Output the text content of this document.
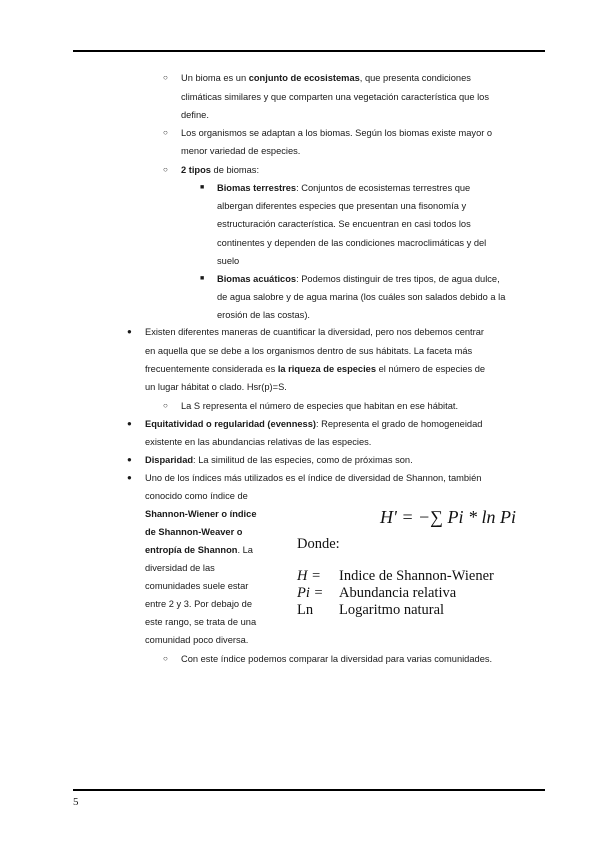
○ Un bioma es un conjunto de ecosistemas, que presenta condiciones
climáticas similares y que comparten una vegetación característica que los
define.
○ Los organismos se adaptan a los biomas. Según los biomas existe mayor o
menor variedad de especies.
○ 2 tipos de biomas:
■ Biomas terrestres: Conjuntos de ecosistemas terrestres que
albergan diferentes especies que presentan una fisonomía y
estructuración característica. Se encuentran en casi todos los
continentes y dependen de las condiciones macroclimáticas y del
suelo
■ Biomas acuáticos: Podemos distinguir de tres tipos, de agua dulce,
de agua salobre y de agua marina (los cuáles son salados debido a la
erosión de las costas).
● Existen diferentes maneras de cuantificar la diversidad, pero nos debemos centrar
en aquella que se debe a los organismos dentro de sus hábitats. La faceta más
frecuentemente considerada es la riqueza de especies el número de especies de
un lugar hábitat o clado. Hsr(p)=S.
○ La S representa el número de especies que habitan en ese hábitat.
● Equitatividad o regularidad (evenness): Representa el grado de homogeneidad
existente en las abundancias relativas de las especies.
● Disparidad: La similitud de las especies, como de próximas son.
● Uno de los índices más utilizados es el índice de diversidad de Shannon, también
conocido como índice de
Shannon-Wiener o índice
de Shannon-Weaver o
entropía de Shannon. La
diversidad de las
comunidades suele estar
entre 2 y 3. Por debajo de
este rango, se trata de una
comunidad poco diversa.
○ Con este índice podemos comparar la diversidad para varias comunidades.
H' = −∑ Pi * ln Pi
Donde:
H = Indice de Shannon-Wiener
Pi = Abundancia relativa
Ln Logaritmo natural
5
